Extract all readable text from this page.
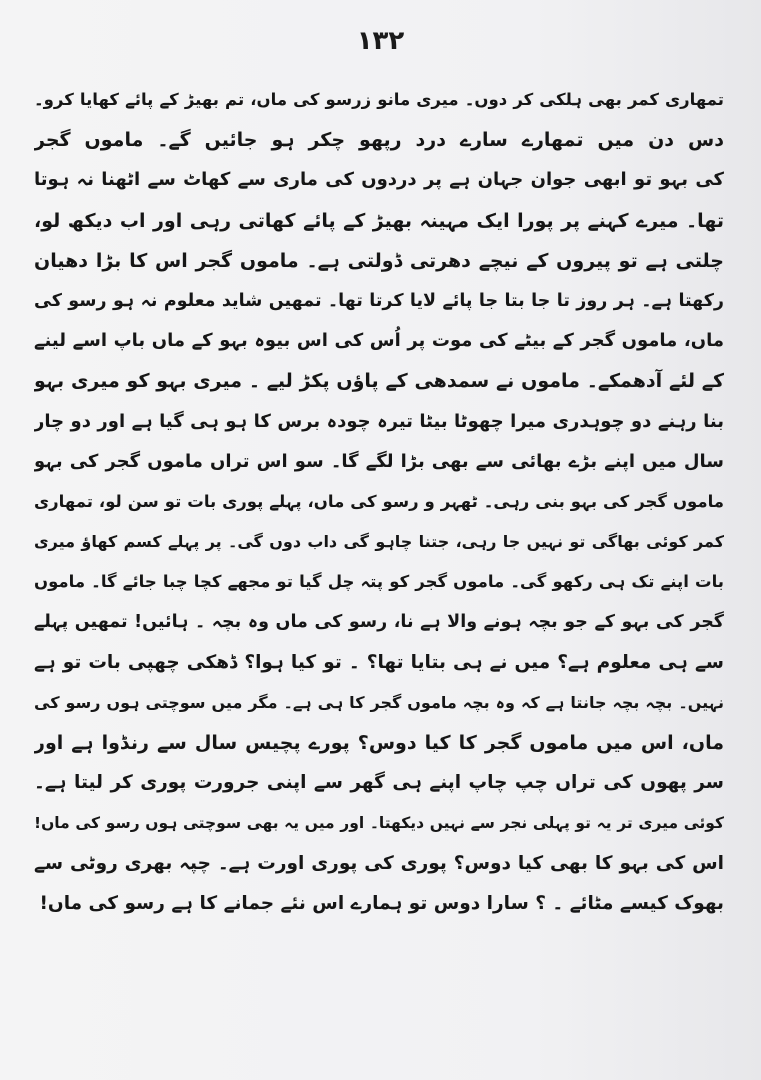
۱۳۲
تمھاری کمر بھی ہلکی کر دوں۔ میری مانو زرسو کی ماں، تم بھیڑ کے پائے کھایا کرو۔
دس دن میں تمھارے سارے درد رپھو چکر ہو جائیں گے۔ ماموں گجر
کی بہو تو ابھی جوان جہان ہے پر دردوں کی ماری سے کھاٹ سے اٹھنا نہ ہوتا
تھا۔ میرے کہنے پر پورا ایک مہینہ بھیڑ کے پائے کھاتی رہی اور اب دیکھ لو،
چلتی ہے تو پیروں کے نیچے دھرتی ڈولتی ہے۔ ماموں گجر اس کا بڑا دھیان
رکھتا ہے۔ ہر روز تا جا بتا جا پائے لایا کرتا تھا۔ تمھیں شاید معلوم نہ ہو رسو کی
ماں، ماموں گجر کے بیٹے کی موت پر اُس کی اس بیوہ بہو کے ماں باپ اسے لینے
کے لئے آدھمکے۔ ماموں نے سمدھی کے پاؤں پکڑ لیے ۔ میری بہو کو میری بہو
بنا رہنے دو چوہدری میرا چھوٹا بیٹا تیرہ چودہ برس کا ہو ہی گیا ہے اور دو چار
سال میں اپنے بڑے بھائی سے بھی بڑا لگے گا۔ سو اس تراں ماموں گجر کی بہو
ماموں گجر کی بہو بنی رہی۔ ٹھہر و رسو کی ماں، پہلے پوری بات تو سن لو، تمھاری
کمر کوئی بھاگی تو نہیں جا رہی، جتنا چاہو گی داب دوں گی۔ پر پہلے کسم کھاؤ میری
بات اپنے تک ہی رکھو گی۔ ماموں گجر کو پتہ چل گیا تو مجھے کچا چبا جائے گا۔ ماموں
گجر کی بہو کے جو بچہ ہونے والا ہے نا، رسو کی ماں وہ بچہ ۔ ہائیں! تمھیں پہلے
سے ہی معلوم ہے؟ میں نے ہی بتایا تھا؟ ۔ تو کیا ہوا؟ ڈھکی چھپی بات تو ہے
نہیں۔ بچہ بچہ جانتا ہے کہ وہ بچہ ماموں گجر کا ہی ہے۔ مگر میں سوچتی ہوں رسو کی
ماں، اس میں ماموں گجر کا کیا دوس؟ پورے پچیس سال سے رنڈوا ہے اور
سر پھوں کی تراں چپ چاپ اپنے ہی گھر سے اپنی جرورت پوری کر لیتا ہے۔
کوئی میری تر یہ تو پہلی نجر سے نہیں دیکھتا۔ اور میں یہ بھی سوچتی ہوں رسو کی ماں!
اس کی بہو کا بھی کیا دوس؟ پوری کی پوری اورت ہے۔ چپہ بھری روٹی سے
بھوک کیسے مٹائے ۔ ؟ سارا دوس تو ہمارے اس نئے جمانے کا ہے رسو کی ماں!
